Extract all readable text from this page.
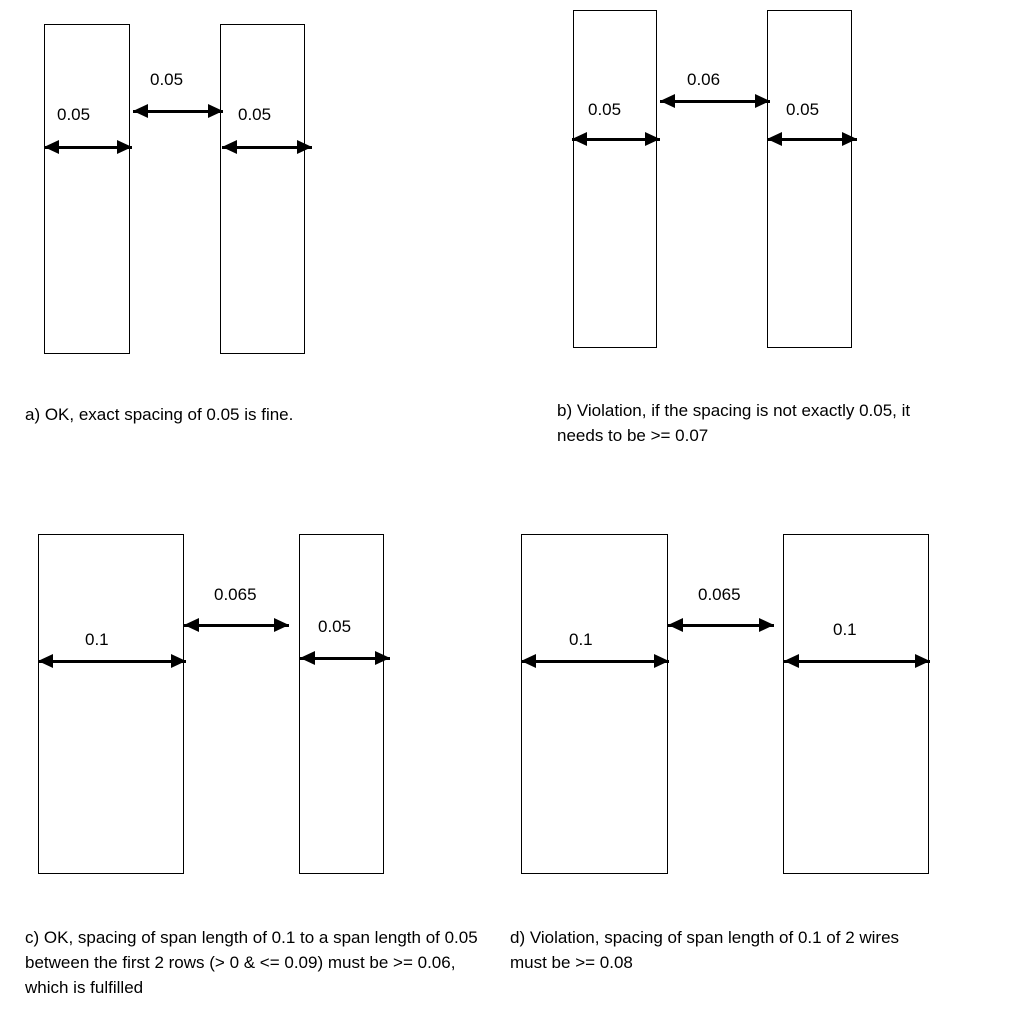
0.05
0.05	0.05
a) OK, exact spacing of 0.05 is fine.
0.06
0.05	0.05
b) Violation, if the spacing is not exactly 0.05, it needs to be >= 0.07
0.065
0.1
0.05
c) OK, spacing of span length of 0.1 to a span length of 0.05 between the first 2 rows (> 0 & <= 0.09) must be >= 0.06, which is fulfilled
0.065
0.1
0.1
d) Violation, spacing of span length of 0.1 of 2 wires must be >= 0.08
